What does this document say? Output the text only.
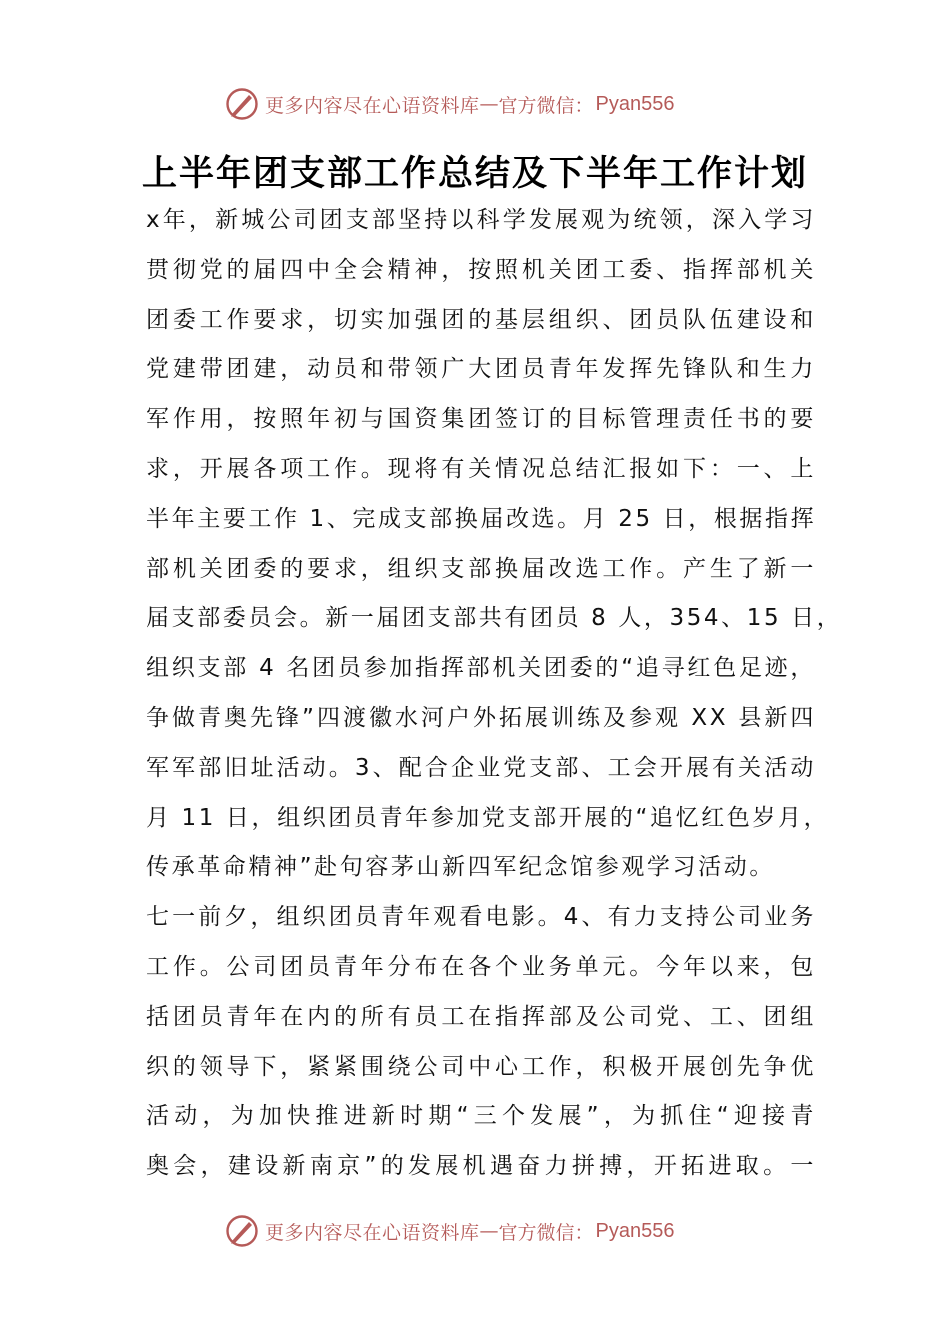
更多内容尽在心语资料库 — 官方微信： Pyan556
上半年团支部工作总结及下半年工作计划
x年，新城公司团支部坚持以科学发展观为统领，深入学习
贯彻党的届四中全会精神，按照机关团工委、指挥部机关
团委工作要求，切实加强团的基层组织、团员队伍建设和
党建带团建，动员和带领广大团员青年发挥先锋队和生力
军作用，按照年初与国资集团签订的目标管理责任书的要
求，开展各项工作。现将有关情况总结汇报如下：一、上
半年主要工作 1、完成支部换届改选。月 25 日，根据指挥
部机关团委的要求，组织支部换届改选工作。产生了新一
届支部委员会。新一届团支部共有团员 8 人，354、15 日，
组织支部 4 名团员参加指挥部机关团委的“追寻红色足迹，
争做青奥先锋”四渡徽水河户外拓展训练及参观 XX 县新四
军军部旧址活动。3、配合企业党支部、工会开展有关活动
月 11 日，组织团员青年参加党支部开展的“追忆红色岁月，
传承革命精神”赴句容茅山新四军纪念馆参观学习活动。
七一前夕，组织团员青年观看电影。4、有力支持公司业务
工作。公司团员青年分布在各个业务单元。今年以来，包
括团员青年在内的所有员工在指挥部及公司党、工、团组
织的领导下，紧紧围绕公司中心工作，积极开展创先争优
活动，为加快推进新时期“三个发展”，为抓住“迎接青
奥会，建设新南京”的发展机遇奋力拼搏，开拓进取。一
更多内容尽在心语资料库 — 官方微信： Pyan556
